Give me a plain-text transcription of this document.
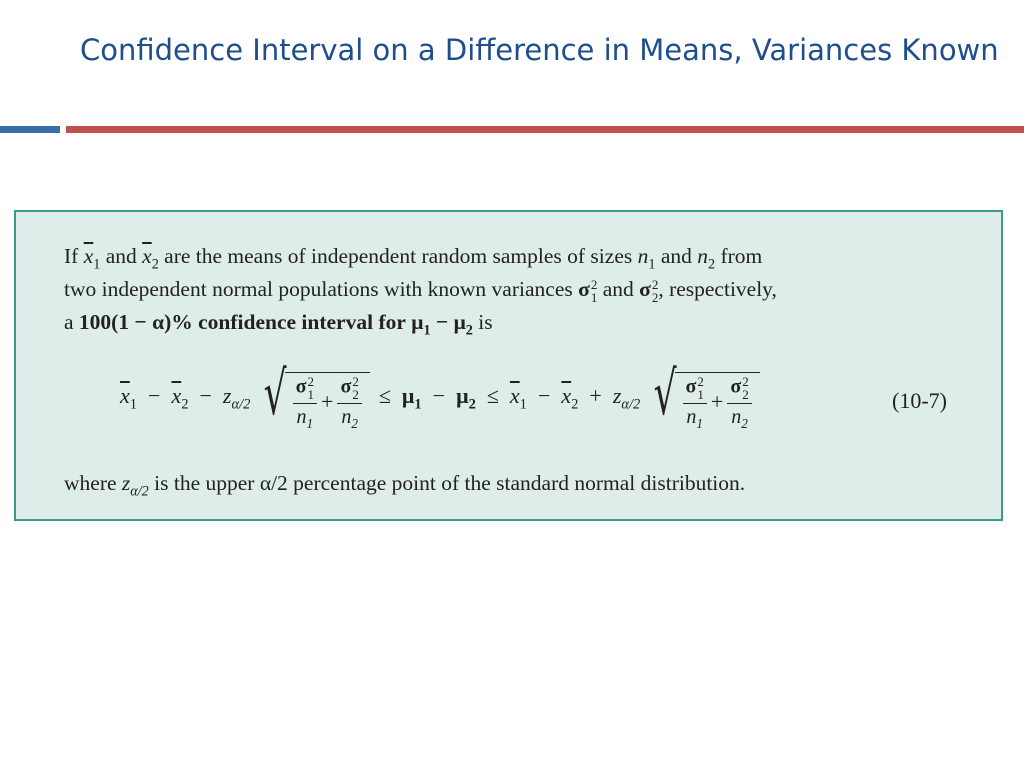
Confidence Interval on a Difference in Means, Variances Known

If $\overline{x}_1$ and $\overline{x}_2$ are the means of independent random samples of sizes $n_1$ and $n_2$ from
two independent normal populations with known variances σ 2
1 and σ 2
2 , respectively,
a 100(1 − α)% confidence interval for $\mu_1 - \mu_2$ is

$\overline{x}_1 - \overline{x}_2 - z_{\alpha/2}$ √ σ 2
1
$n_1 + \sigma$ 2
2
$n_2 \le \mu_1 - \mu_2 \le \overline{x}_1 - \overline{x}_2 + z_{\alpha/2}$ √ σ 2
1
$n_1 + \sigma$ 2
2
$n_2$	(10-7)

where $z_{\alpha/2}$ is the upper α/2 percentage point of the standard normal distribution.
